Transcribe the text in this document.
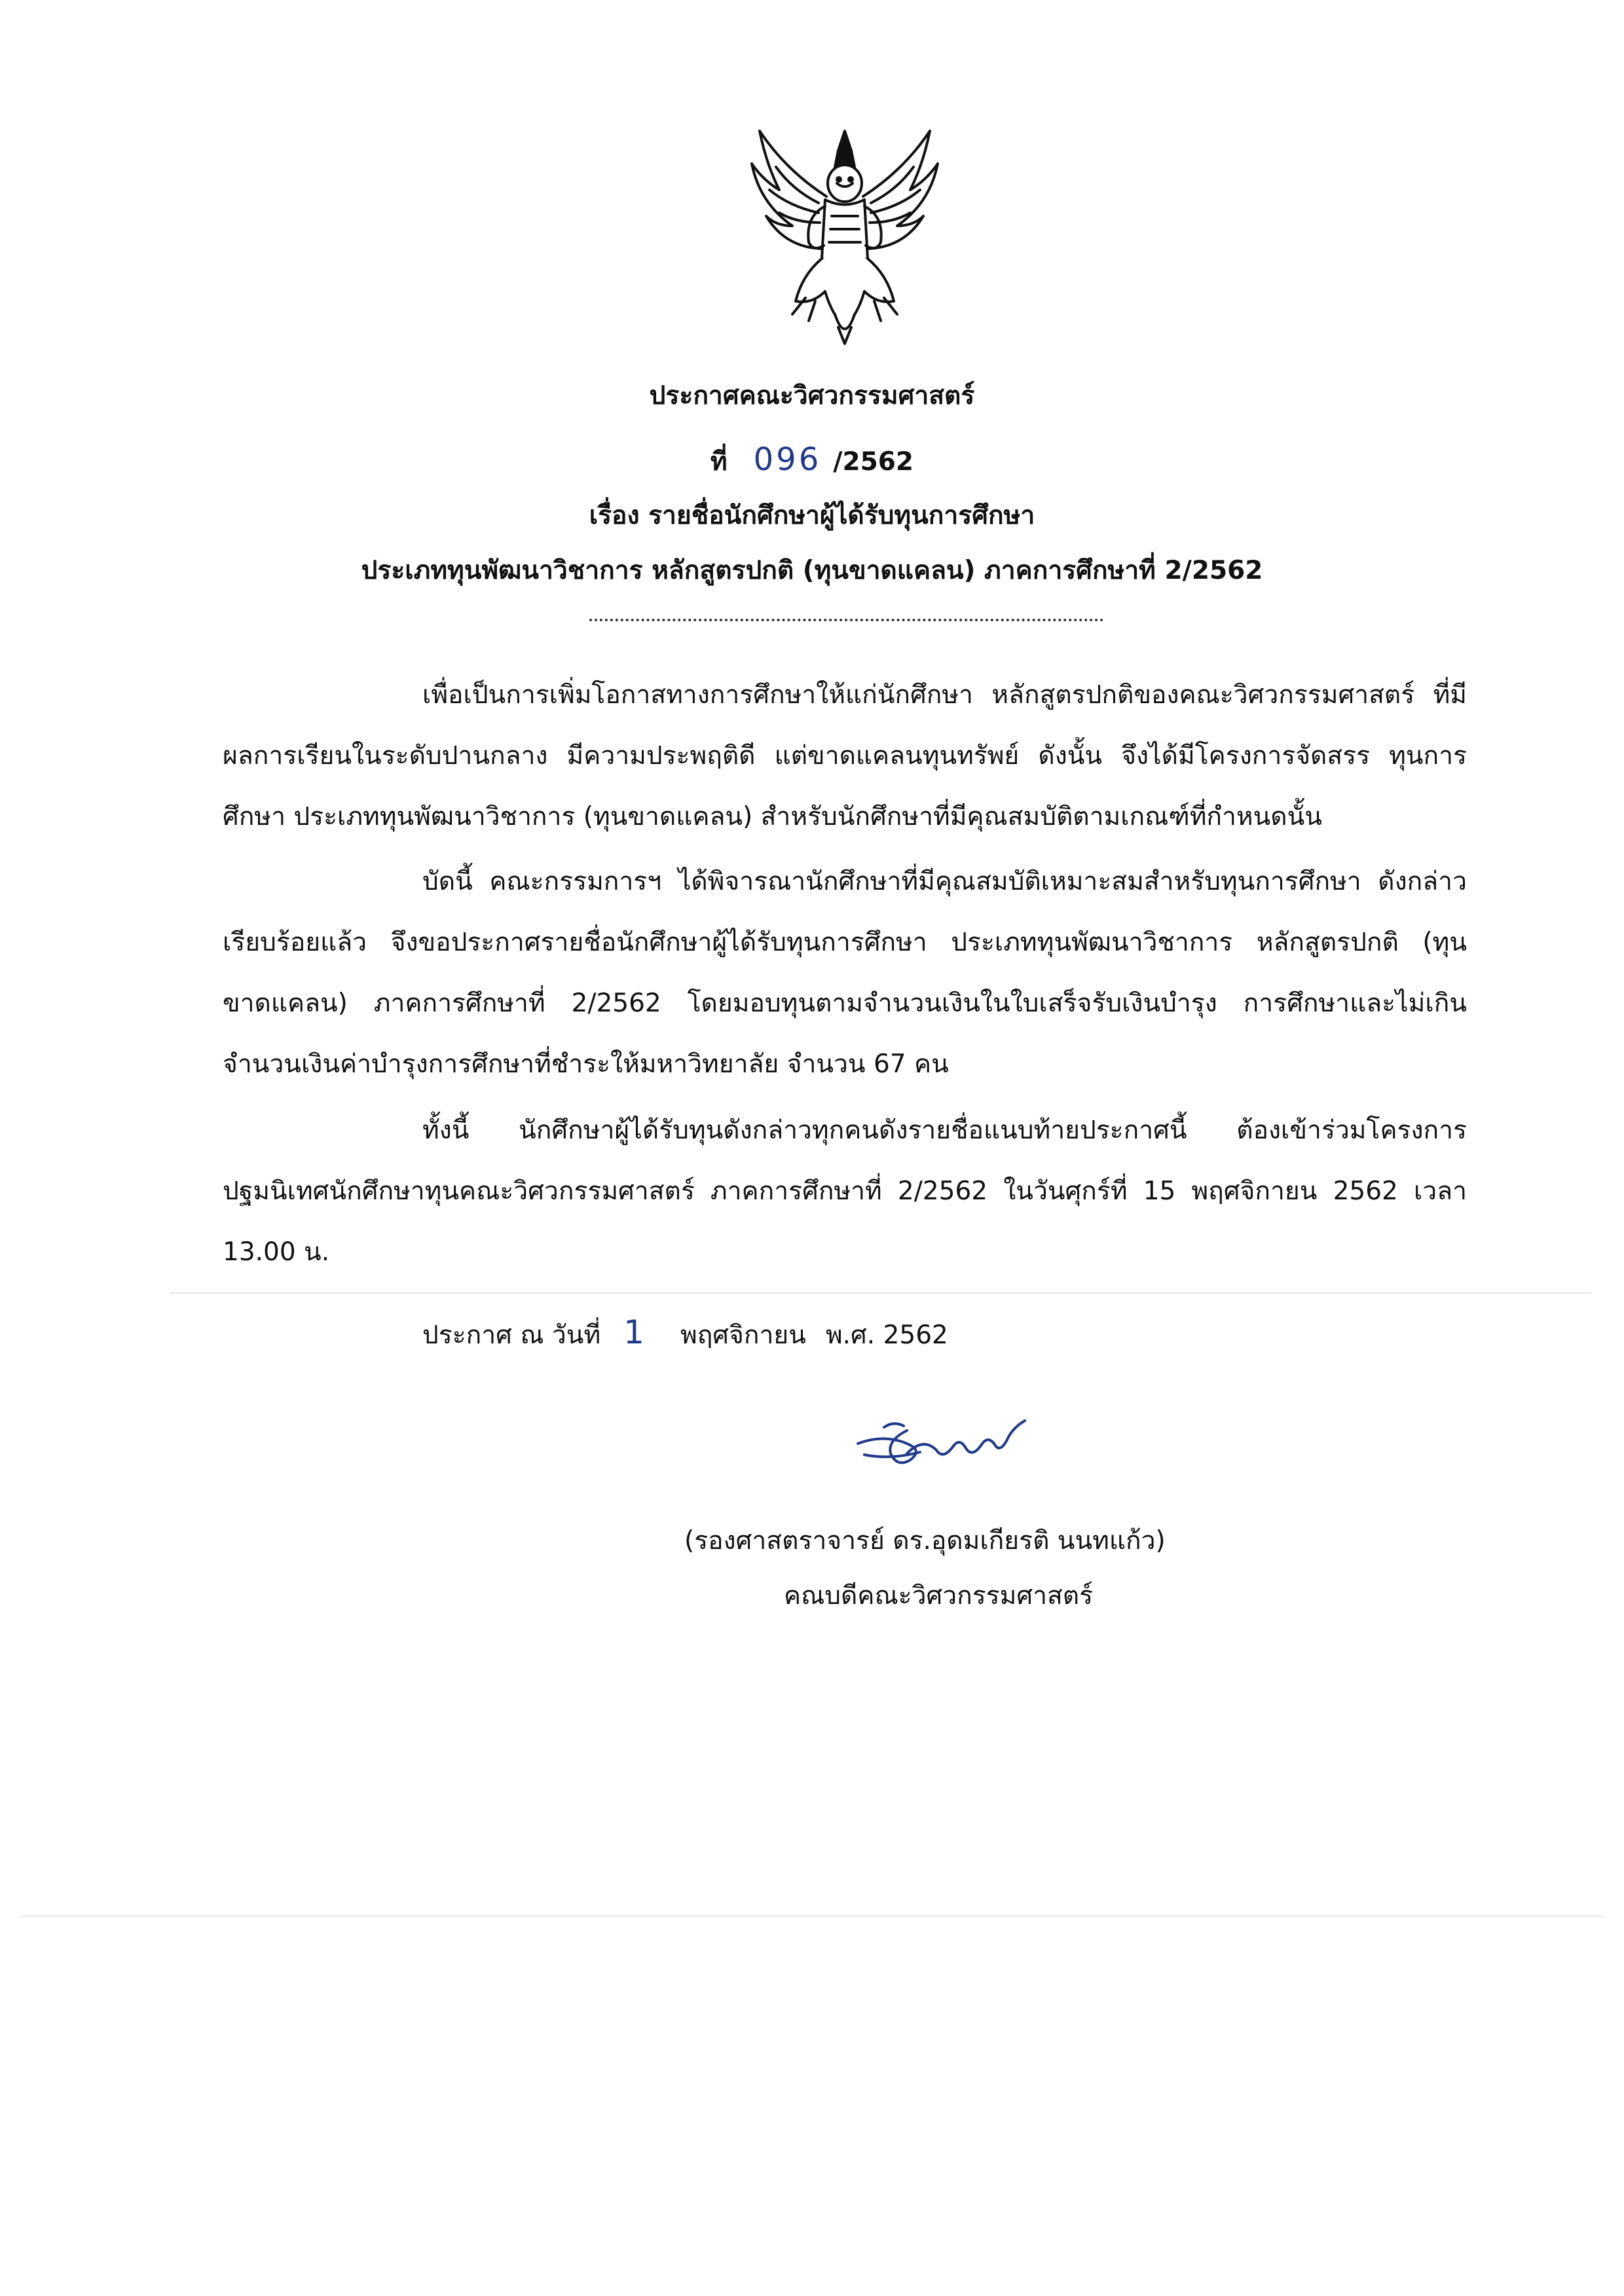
ประกาศคณะวิศวกรรมศาสตร์
ที่ 096 /2562
เรื่อง รายชื่อนักศึกษาผู้ได้รับทุนการศึกษา
ประเภททุนพัฒนาวิชาการ หลักสูตรปกติ (ทุนขาดแคลน) ภาคการศึกษาที่ 2/2562
เพื่อเป็นการเพิ่มโอกาสทางการศึกษาให้แก่นักศึกษา หลักสูตรปกติของคณะวิศวกรรมศาสตร์ ที่มีผลการเรียนในระดับปานกลาง มีความประพฤติดี แต่ขาดแคลนทุนทรัพย์ ดังนั้น จึงได้มีโครงการจัดสรร ทุนการศึกษา ประเภททุนพัฒนาวิชาการ (ทุนขาดแคลน) สำหรับนักศึกษาที่มีคุณสมบัติตามเกณฑ์ที่กำหนดนั้น
บัดนี้ คณะกรรมการฯ ได้พิจารณานักศึกษาที่มีคุณสมบัติเหมาะสมสำหรับทุนการศึกษา ดังกล่าวเรียบร้อยแล้ว จึงขอประกาศรายชื่อนักศึกษาผู้ได้รับทุนการศึกษา ประเภททุนพัฒนาวิชาการ หลักสูตรปกติ (ทุนขาดแคลน) ภาคการศึกษาที่ 2/2562 โดยมอบทุนตามจำนวนเงินในใบเสร็จรับเงินบำรุง การศึกษาและไม่เกินจำนวนเงินค่าบำรุงการศึกษาที่ชำระให้มหาวิทยาลัย จำนวน 67 คน
ทั้งนี้ นักศึกษาผู้ได้รับทุนดังกล่าวทุกคนดังรายชื่อแนบท้ายประกาศนี้ ต้องเข้าร่วมโครงการ ปฐมนิเทศนักศึกษาทุนคณะวิศวกรรมศาสตร์ ภาคการศึกษาที่ 2/2562 ในวันศุกร์ที่ 15 พฤศจิกายน 2562 เวลา 13.00 น.
ประกาศ ณ วันที่ 1 พฤศจิกายน พ.ศ. 2562
(รองศาสตราจารย์ ดร.อุดมเกียรติ นนทแก้ว)
คณบดีคณะวิศวกรรมศาสตร์
